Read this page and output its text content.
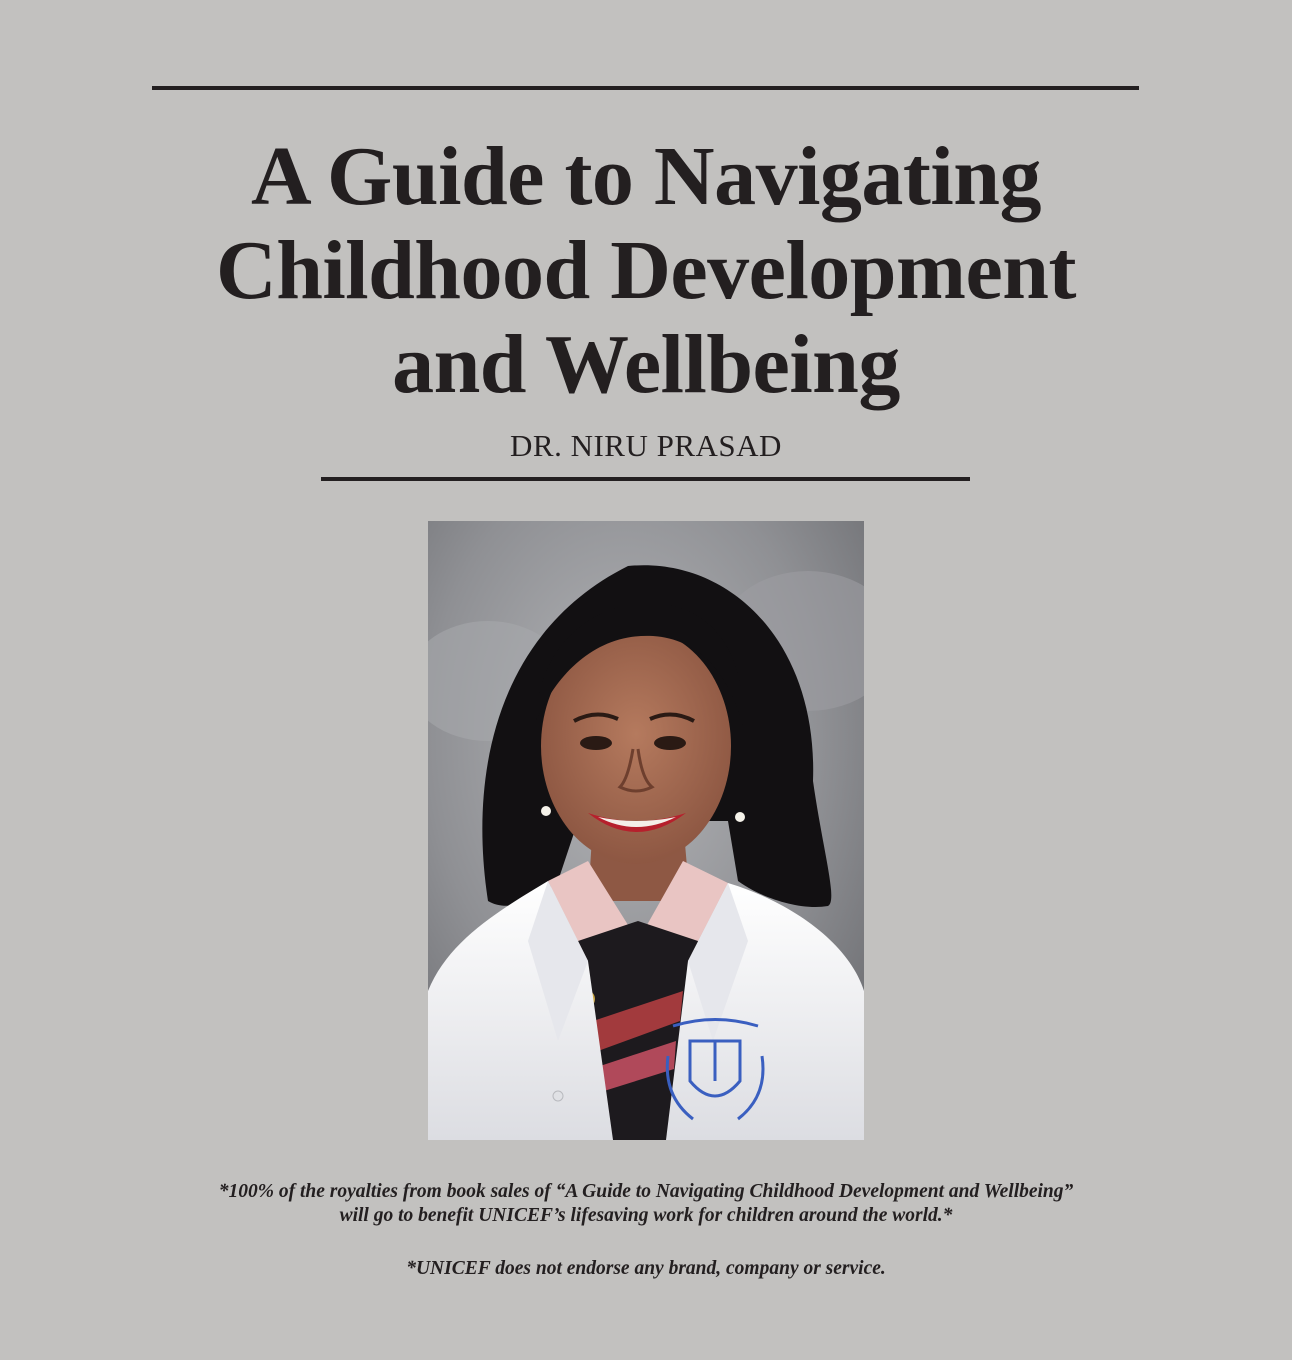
A Guide to Navigating
Childhood Development
and Wellbeing
DR. NIRU PRASAD
*100% of the royalties from book sales of “A Guide to Navigating Childhood Development and Wellbeing”
will go to benefit UNICEF’s lifesaving work for children around the world.*
*UNICEF does not endorse any brand, company or service.
